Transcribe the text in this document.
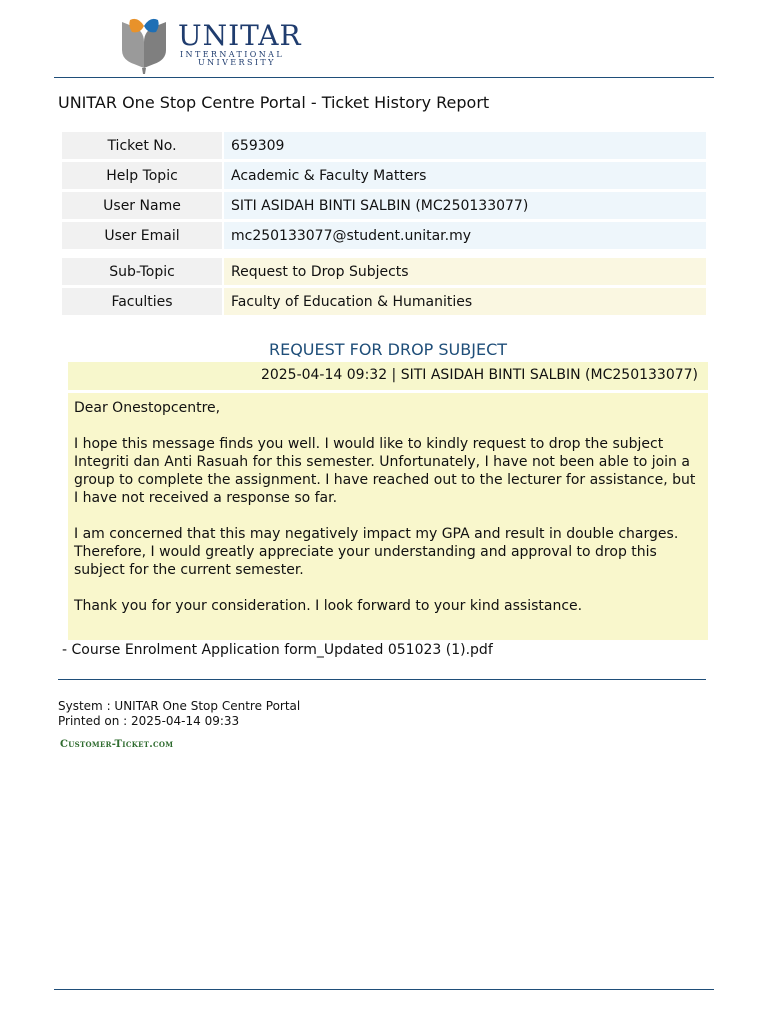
UNITAR
INTERNATIONAL
UNIVERSITY
UNITAR One Stop Centre Portal - Ticket History Report
Ticket No.	659309
Help Topic	Academic & Faculty Matters
User Name	SITI ASIDAH BINTI SALBIN (MC250133077)
User Email	mc250133077@student.unitar.my

Sub-Topic	Request to Drop Subjects
Faculties	Faculty of Education & Humanities
REQUEST FOR DROP SUBJECT
2025-04-14 09:32 | SITI ASIDAH BINTI SALBIN (MC250133077)

Dear Onestopcentre,

I hope this message finds you well. I would like to kindly request to drop the subject Integriti dan Anti Rasuah for this semester. Unfortunately, I have not been able to join a group to complete the assignment. I have reached out to the lecturer for assistance, but I have not received a response so far.

I am concerned that this may negatively impact my GPA and result in double charges. Therefore, I would greatly appreciate your understanding and approval to drop this subject for the current semester.

Thank you for your consideration. I look forward to your kind assistance.

- Course Enrolment Application form_Updated 051023 (1).pdf
System : UNITAR One Stop Centre Portal
Printed on : 2025-04-14 09:33
Customer-Ticket.com
